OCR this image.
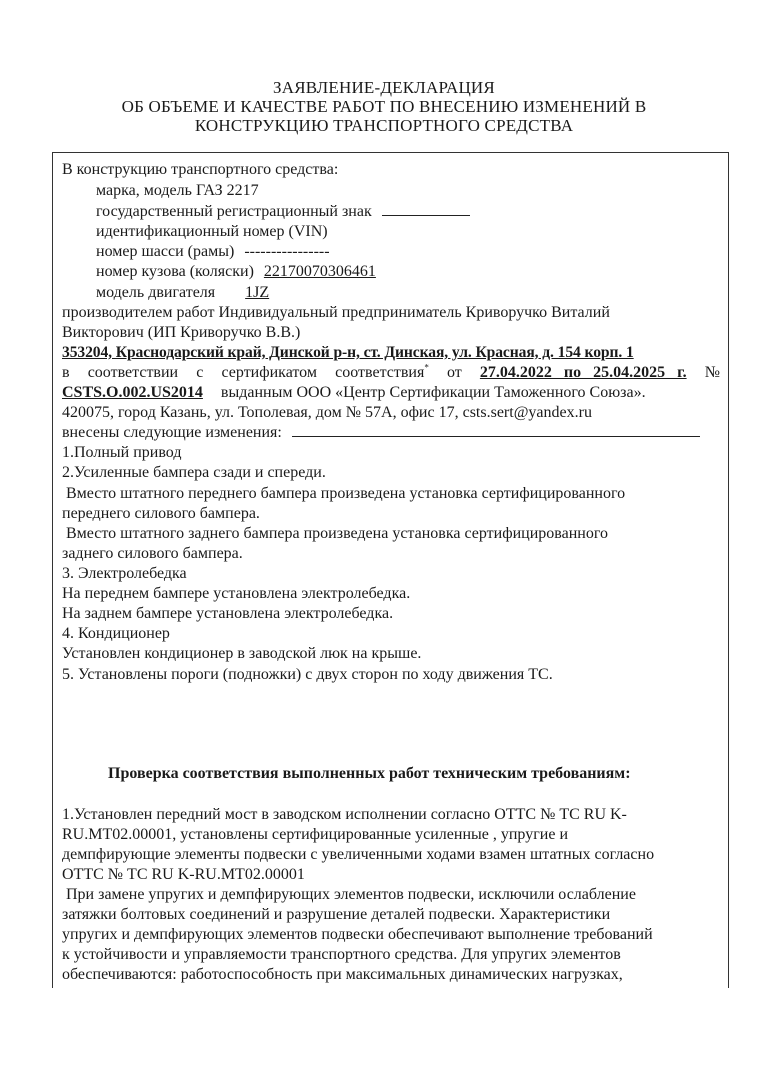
ЗАЯВЛЕНИЕ-ДЕКЛАРАЦИЯ
ОБ ОБЪЕМЕ И КАЧЕСТВЕ РАБОТ ПО ВНЕСЕНИЮ ИЗМЕНЕНИЙ В
КОНСТРУКЦИЮ ТРАНСПОРТНОГО СРЕДСТВА
В конструкцию транспортного средства:
марка, модель ГАЗ 2217
государственный регистрационный знак
идентификационный номер (VIN)
номер шасси (рамы) ----------------
номер кузова (коляски) 22170070306461
модель двигателя 1JZ
производителем работ Индивидуальный предприниматель Криворучко Виталий
Викторович (ИП Криворучко В.В.)
353204, Краснодарский край, Динской р-н, ст. Динская, ул. Красная, д. 154 корп. 1
в соответствии с сертификатом соответствия* от 27.04.2022   по   25.04.2025   г. №
CSTS.O.002.US2014 выданным ООО «Центр Сертификации Таможенного Союза».
420075, город Казань, ул. Тополевая, дом № 57А, офис 17, csts.sert@yandex.ru
внесены следующие изменения:
1.Полный привод
2.Усиленные бампера сзади и спереди.
Вместо штатного переднего бампера произведена установка сертифицированного
переднего силового бампера.
Вместо штатного заднего бампера произведена установка сертифицированного
заднего силового бампера.
3. Электролебедка
На переднем бампере установлена электролебедка.
На заднем бампере установлена электролебедка.
4. Кондиционер
Установлен кондиционер в заводской люк на крыше.
5. Установлены пороги (подножки) с двух сторон по ходу движения ТС.
Проверка соответствия выполненных работ техническим требованиям:
1.Установлен передний мост в заводском исполнении согласно ОТТС № ТС RU K-
RU.MT02.00001, установлены сертифицированные усиленные , упругие и
демпфирующие элементы подвески с увеличенными ходами взамен штатных согласно
ОТТС № ТС RU K-RU.MT02.00001
При замене упругих и демпфирующих элементов подвески, исключили ослабление
затяжки болтовых соединений и разрушение деталей подвески. Характеристики
упругих и демпфирующих элементов подвески обеспечивают выполнение требований
к устойчивости и управляемости транспортного средства. Для упругих элементов
обеспечиваются: работоспособность при максимальных динамических нагрузках,
